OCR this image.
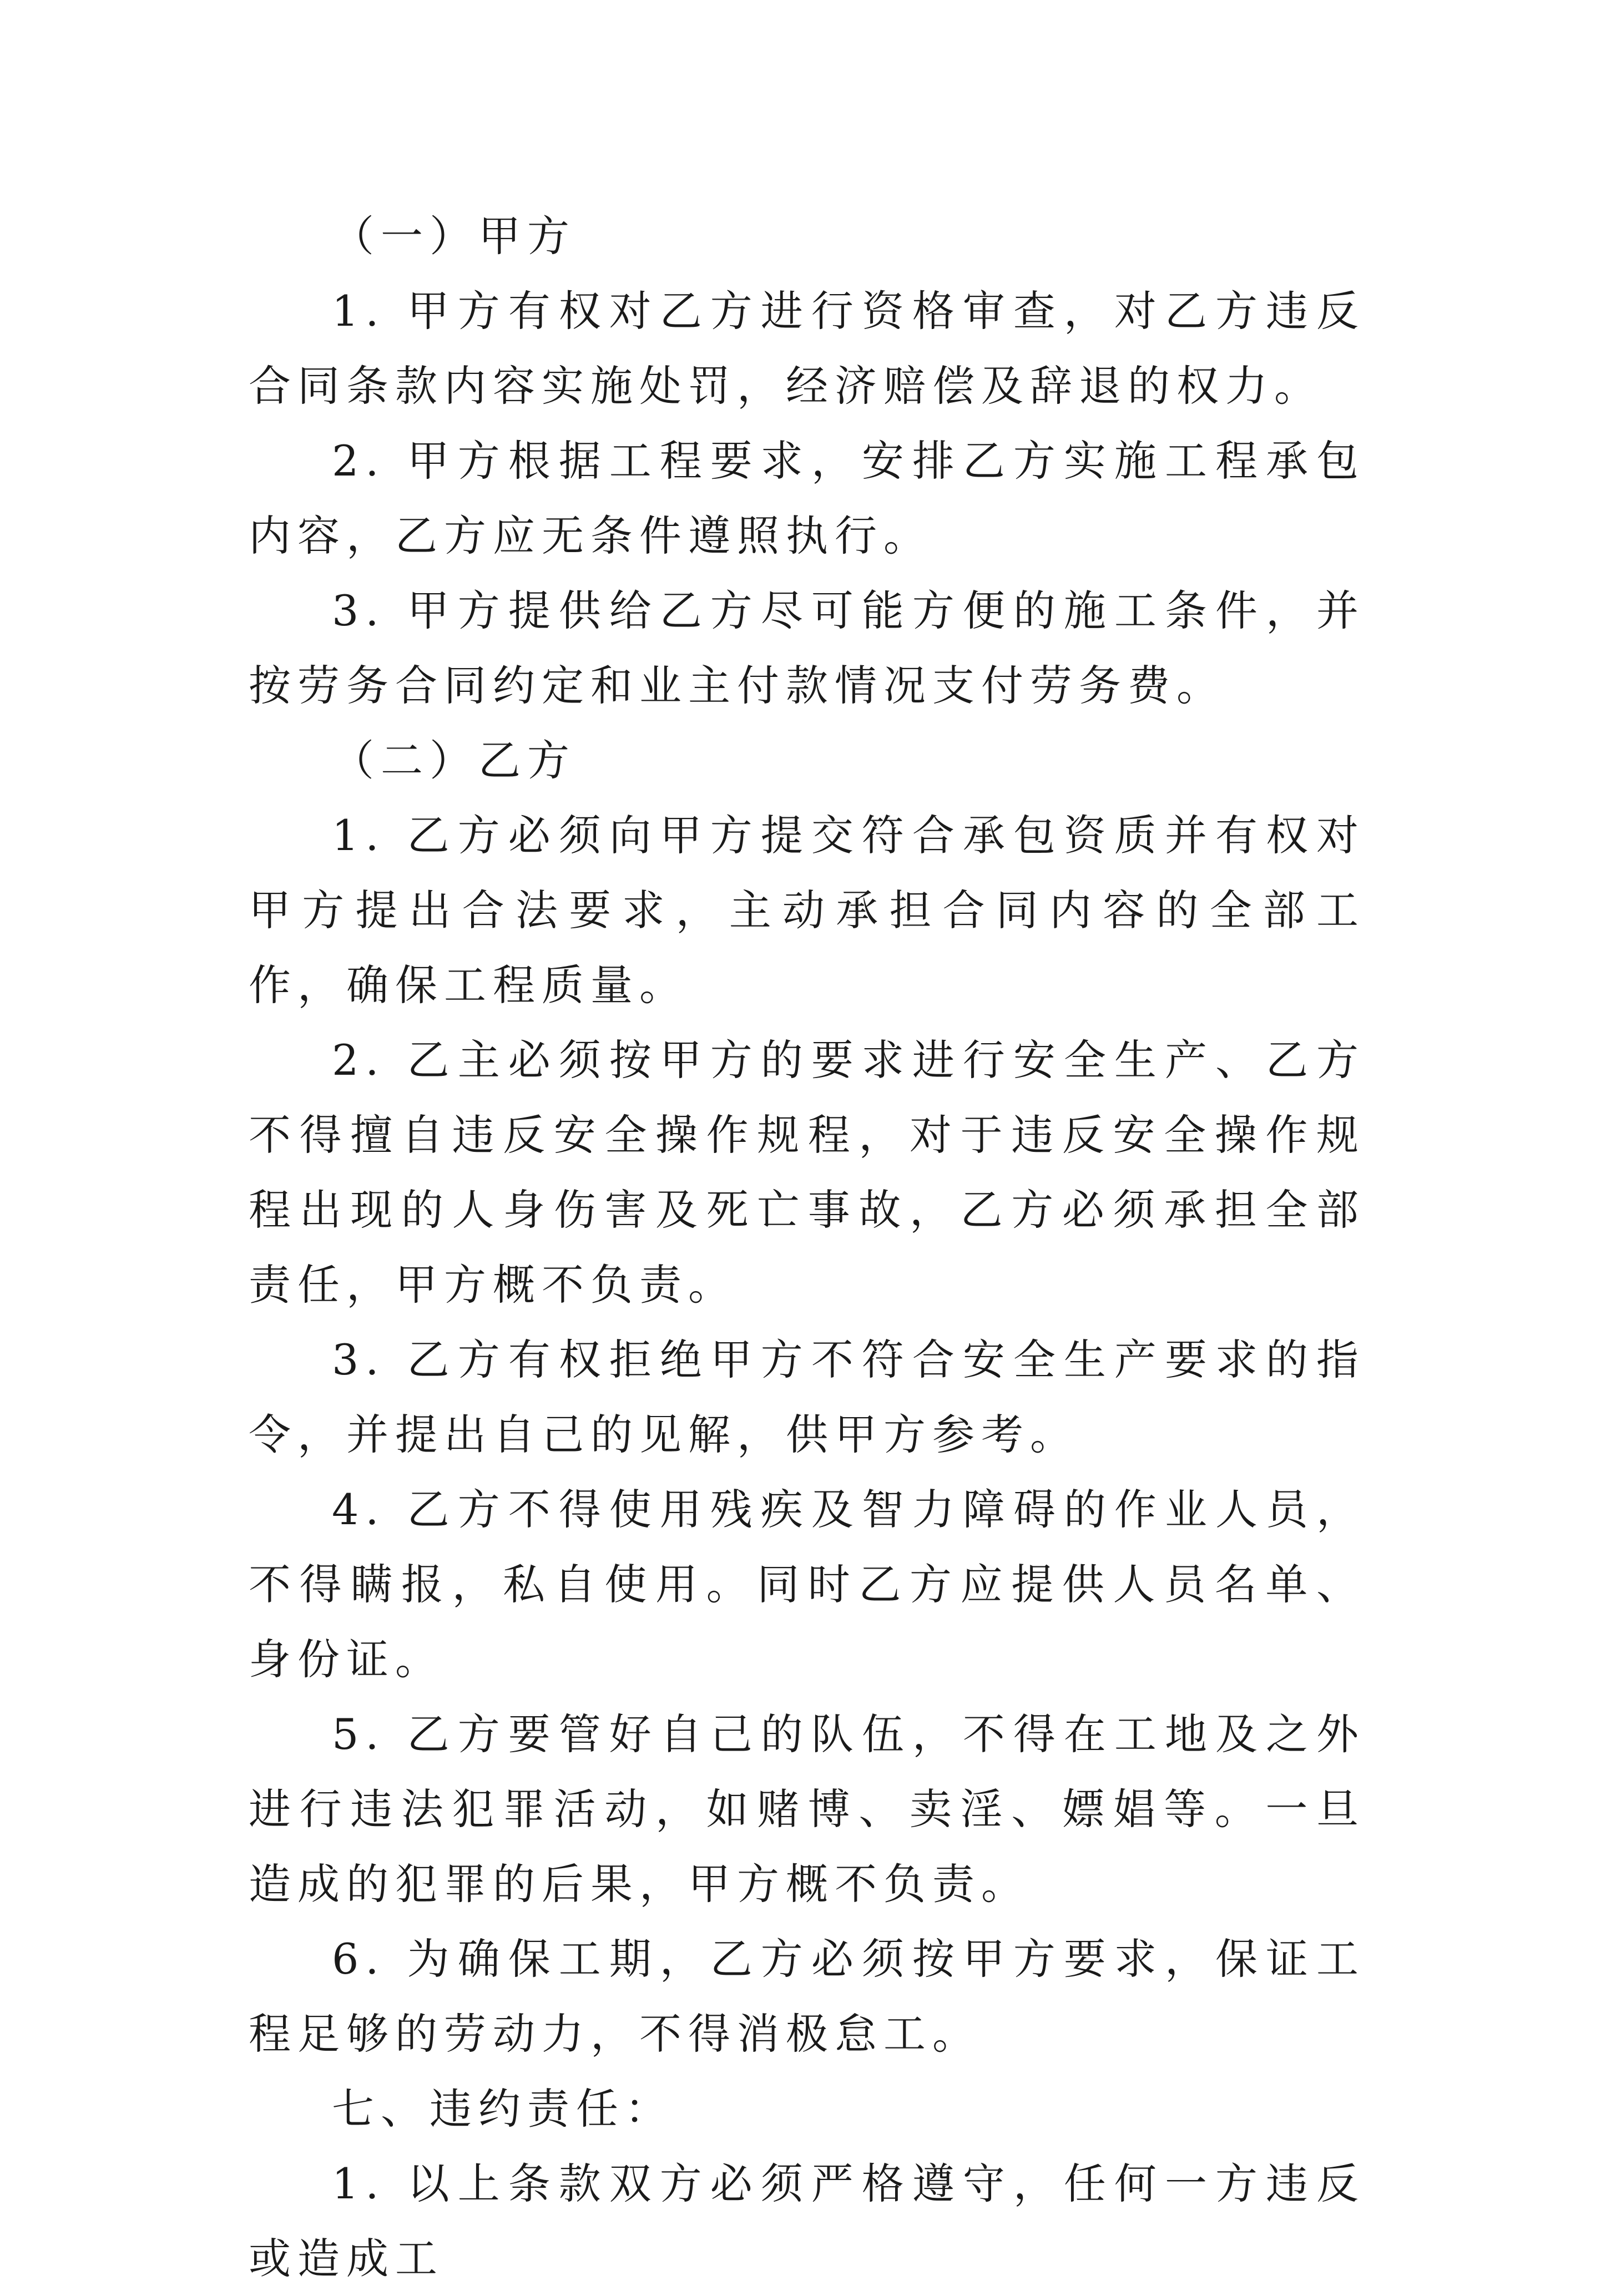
（一）甲方

1. 甲方有权对乙方进行资格审查，对乙方违反合同条款内容实施处罚，经济赔偿及辞退的权力。

2. 甲方根据工程要求，安排乙方实施工程承包内容，乙方应无条件遵照执行。

3. 甲方提供给乙方尽可能方便的施工条件，并按劳务合同约定和业主付款情况支付劳务费。

（二）乙方

1. 乙方必须向甲方提交符合承包资质并有权对甲方提出合法要求，主动承担合同内容的全部工作，确保工程质量。

2. 乙主必须按甲方的要求进行安全生产、乙方不得擅自违反安全操作规程，对于违反安全操作规程出现的人身伤害及死亡事故，乙方必须承担全部责任，甲方概不负责。

3. 乙方有权拒绝甲方不符合安全生产要求的指令，并提出自己的见解，供甲方参考。

4. 乙方不得使用残疾及智力障碍的作业人员，不得瞒报，私自使用。同时乙方应提供人员名单、身份证。

5. 乙方要管好自己的队伍，不得在工地及之外进行违法犯罪活动，如赌博、卖淫、嫖娼等。一旦造成的犯罪的后果，甲方概不负责。

6. 为确保工期，乙方必须按甲方要求，保证工程足够的劳动力，不得消极怠工。

七、违约责任：

1. 以上条款双方必须严格遵守，任何一方违反或造成工
